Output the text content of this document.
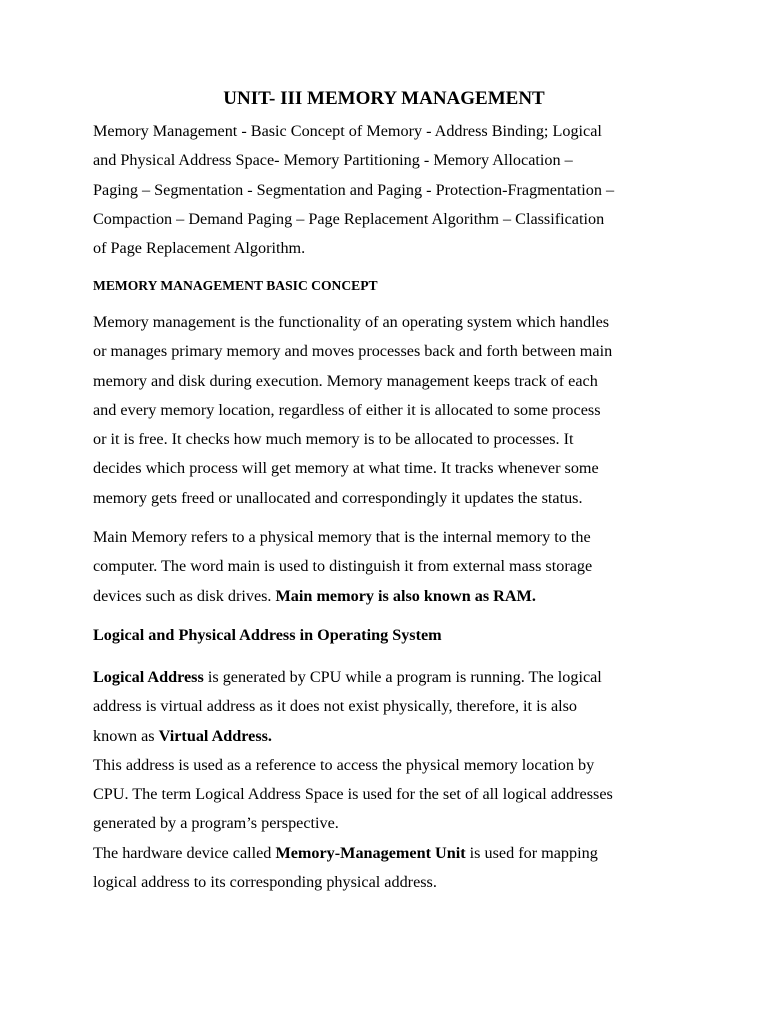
UNIT- III MEMORY MANAGEMENT

Memory Management - Basic Concept of Memory - Address Binding; Logical
and Physical Address Space- Memory Partitioning - Memory Allocation –
Paging – Segmentation - Segmentation and Paging - Protection-Fragmentation –
Compaction – Demand Paging – Page Replacement Algorithm – Classification
of Page Replacement Algorithm.

MEMORY MANAGEMENT BASIC CONCEPT

Memory management is the functionality of an operating system which handles
or manages primary memory and moves processes back and forth between main
memory and disk during execution. Memory management keeps track of each
and every memory location, regardless of either it is allocated to some process
or it is free. It checks how much memory is to be allocated to processes. It
decides which process will get memory at what time. It tracks whenever some
memory gets freed or unallocated and correspondingly it updates the status.

Main Memory refers to a physical memory that is the internal memory to the
computer. The word main is used to distinguish it from external mass storage
devices such as disk drives. Main memory is also known as RAM.

Logical and Physical Address in Operating System

Logical Address is generated by CPU while a program is running. The logical
address is virtual address as it does not exist physically, therefore, it is also
known as Virtual Address.
This address is used as a reference to access the physical memory location by
CPU. The term Logical Address Space is used for the set of all logical addresses
generated by a program’s perspective.
The hardware device called Memory-Management Unit is used for mapping
logical address to its corresponding physical address.
